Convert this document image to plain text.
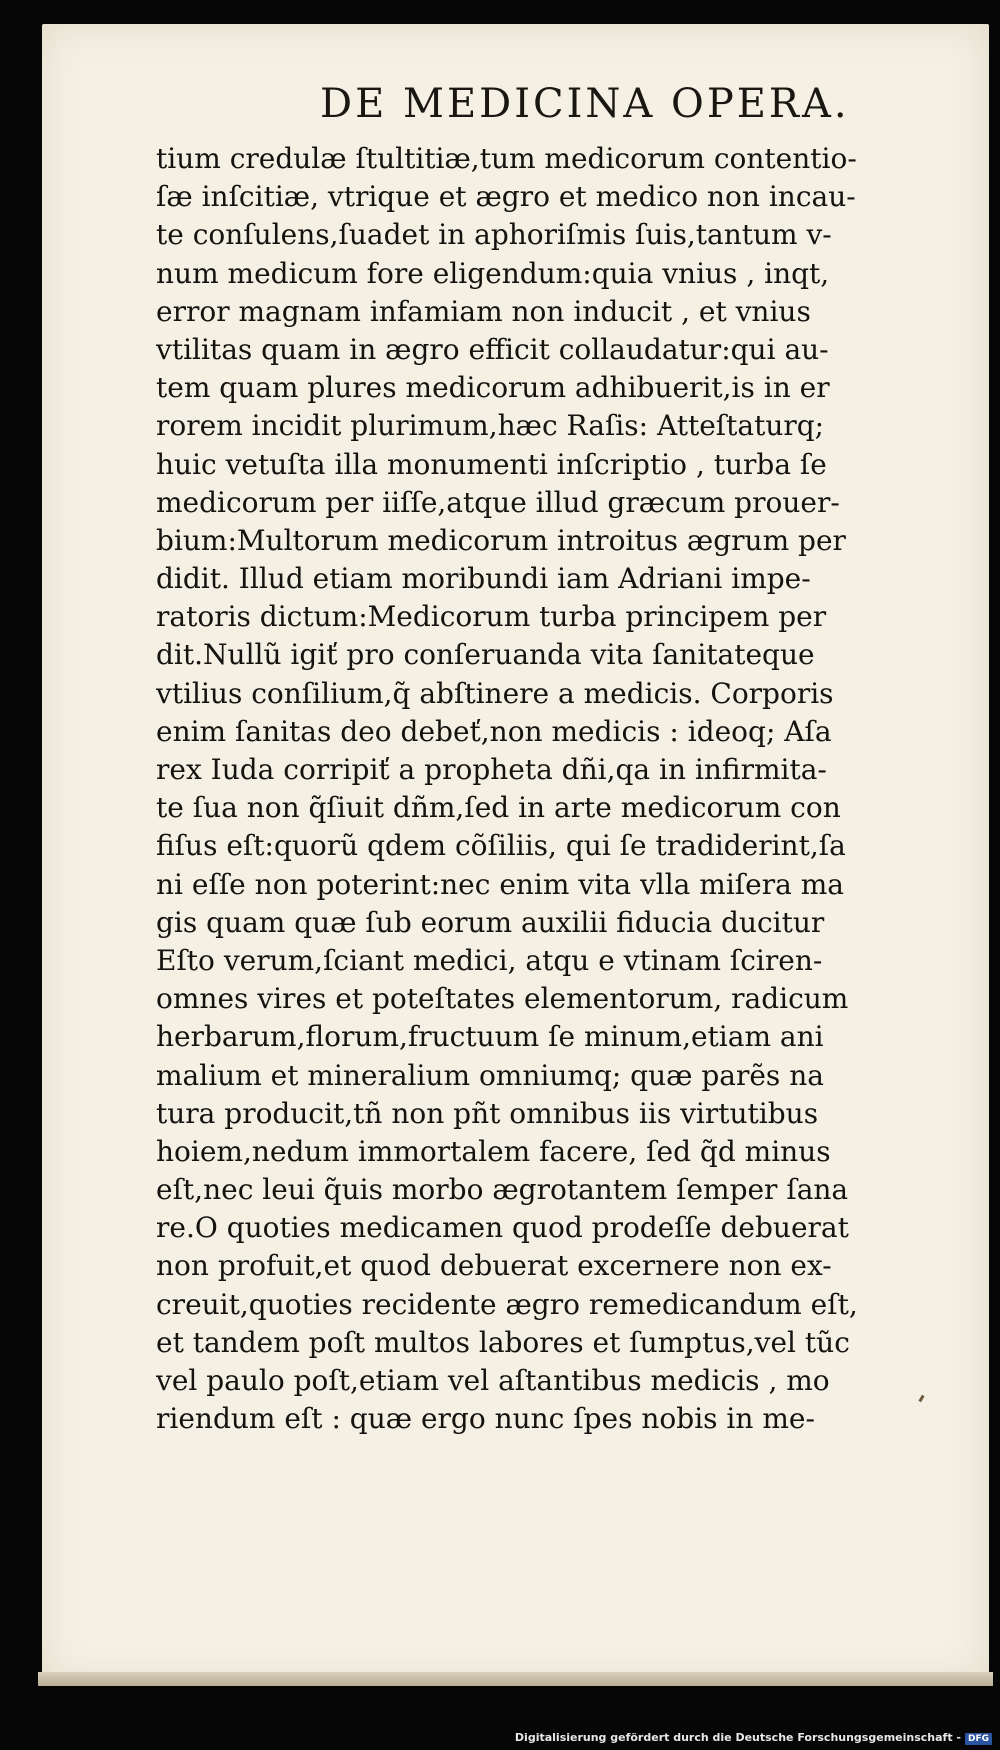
DE MEDICINA OPERA.
tium credulæ ſtultitiæ,tum medicorum contentio-
ſæ inſcitiæ, vtrique et ægro et medico non incau-
te conſulens,ſuadet in aphoriſmis ſuis,tantum v-
num medicum fore eligendum:quia vnius , inqt,
error magnam infamiam non inducit , et vnius
vtilitas quam in ægro efficit collaudatur:qui au-
tem quam plures medicorum adhibuerit,is in er
rorem incidit plurimum,hæc Raſis: Atteſtaturq;
huic vetuſta illa monumenti inſcriptio , turba ſe
medicorum per iiſſe,atque illud græcum prouer-
bium:Multorum medicorum introitus ægrum per
didit. Illud etiam moribundi iam Adriani impe-
ratoris dictum:Medicorum turba principem per
dit.Nullũ igiť pro conſeruanda vita ſanitateque
vtilius conſilium,q̃ abſtinere a medicis. Corporis
enim ſanitas deo debeť,non medicis : ideoq; Aſa
rex Iuda corripiť a propheta dñi,qa in infirmita-
te ſua non q̃ſiuit dñm,ſed in arte medicorum con
fiſus eſt:quorũ qdem cõſiliis, qui ſe tradiderint,ſa
ni eſſe non poterint:nec enim vita vlla miſera ma
gis quam quæ ſub eorum auxilii fiducia ducitur
Eſto verum,ſciant medici, atqu e vtinam ſciren-
omnes vires et poteſtates elementorum, radicum
herbarum,florum,fructuum ſe minum,etiam ani
malium et mineralium omniumq; quæ parẽs na
tura producit,tñ non pñt omnibus iis virtutibus
hoiem,nedum immortalem facere, ſed q̃d minus
eſt,nec leui q̃uis morbo ægrotantem ſemper ſana
re.O quoties medicamen quod prodeſſe debuerat
non profuit,et quod debuerat excernere non ex-
creuit,quoties recidente ægro remedicandum eſt,
et tandem poſt multos labores et ſumptus,vel tũc
vel paulo poſt,etiam vel aſtantibus medicis , mo
riendum eſt : quæ ergo nunc ſpes nobis in me-
Digitalisierung gefördert durch die Deutsche Forschungsgemeinschaft - DFG
